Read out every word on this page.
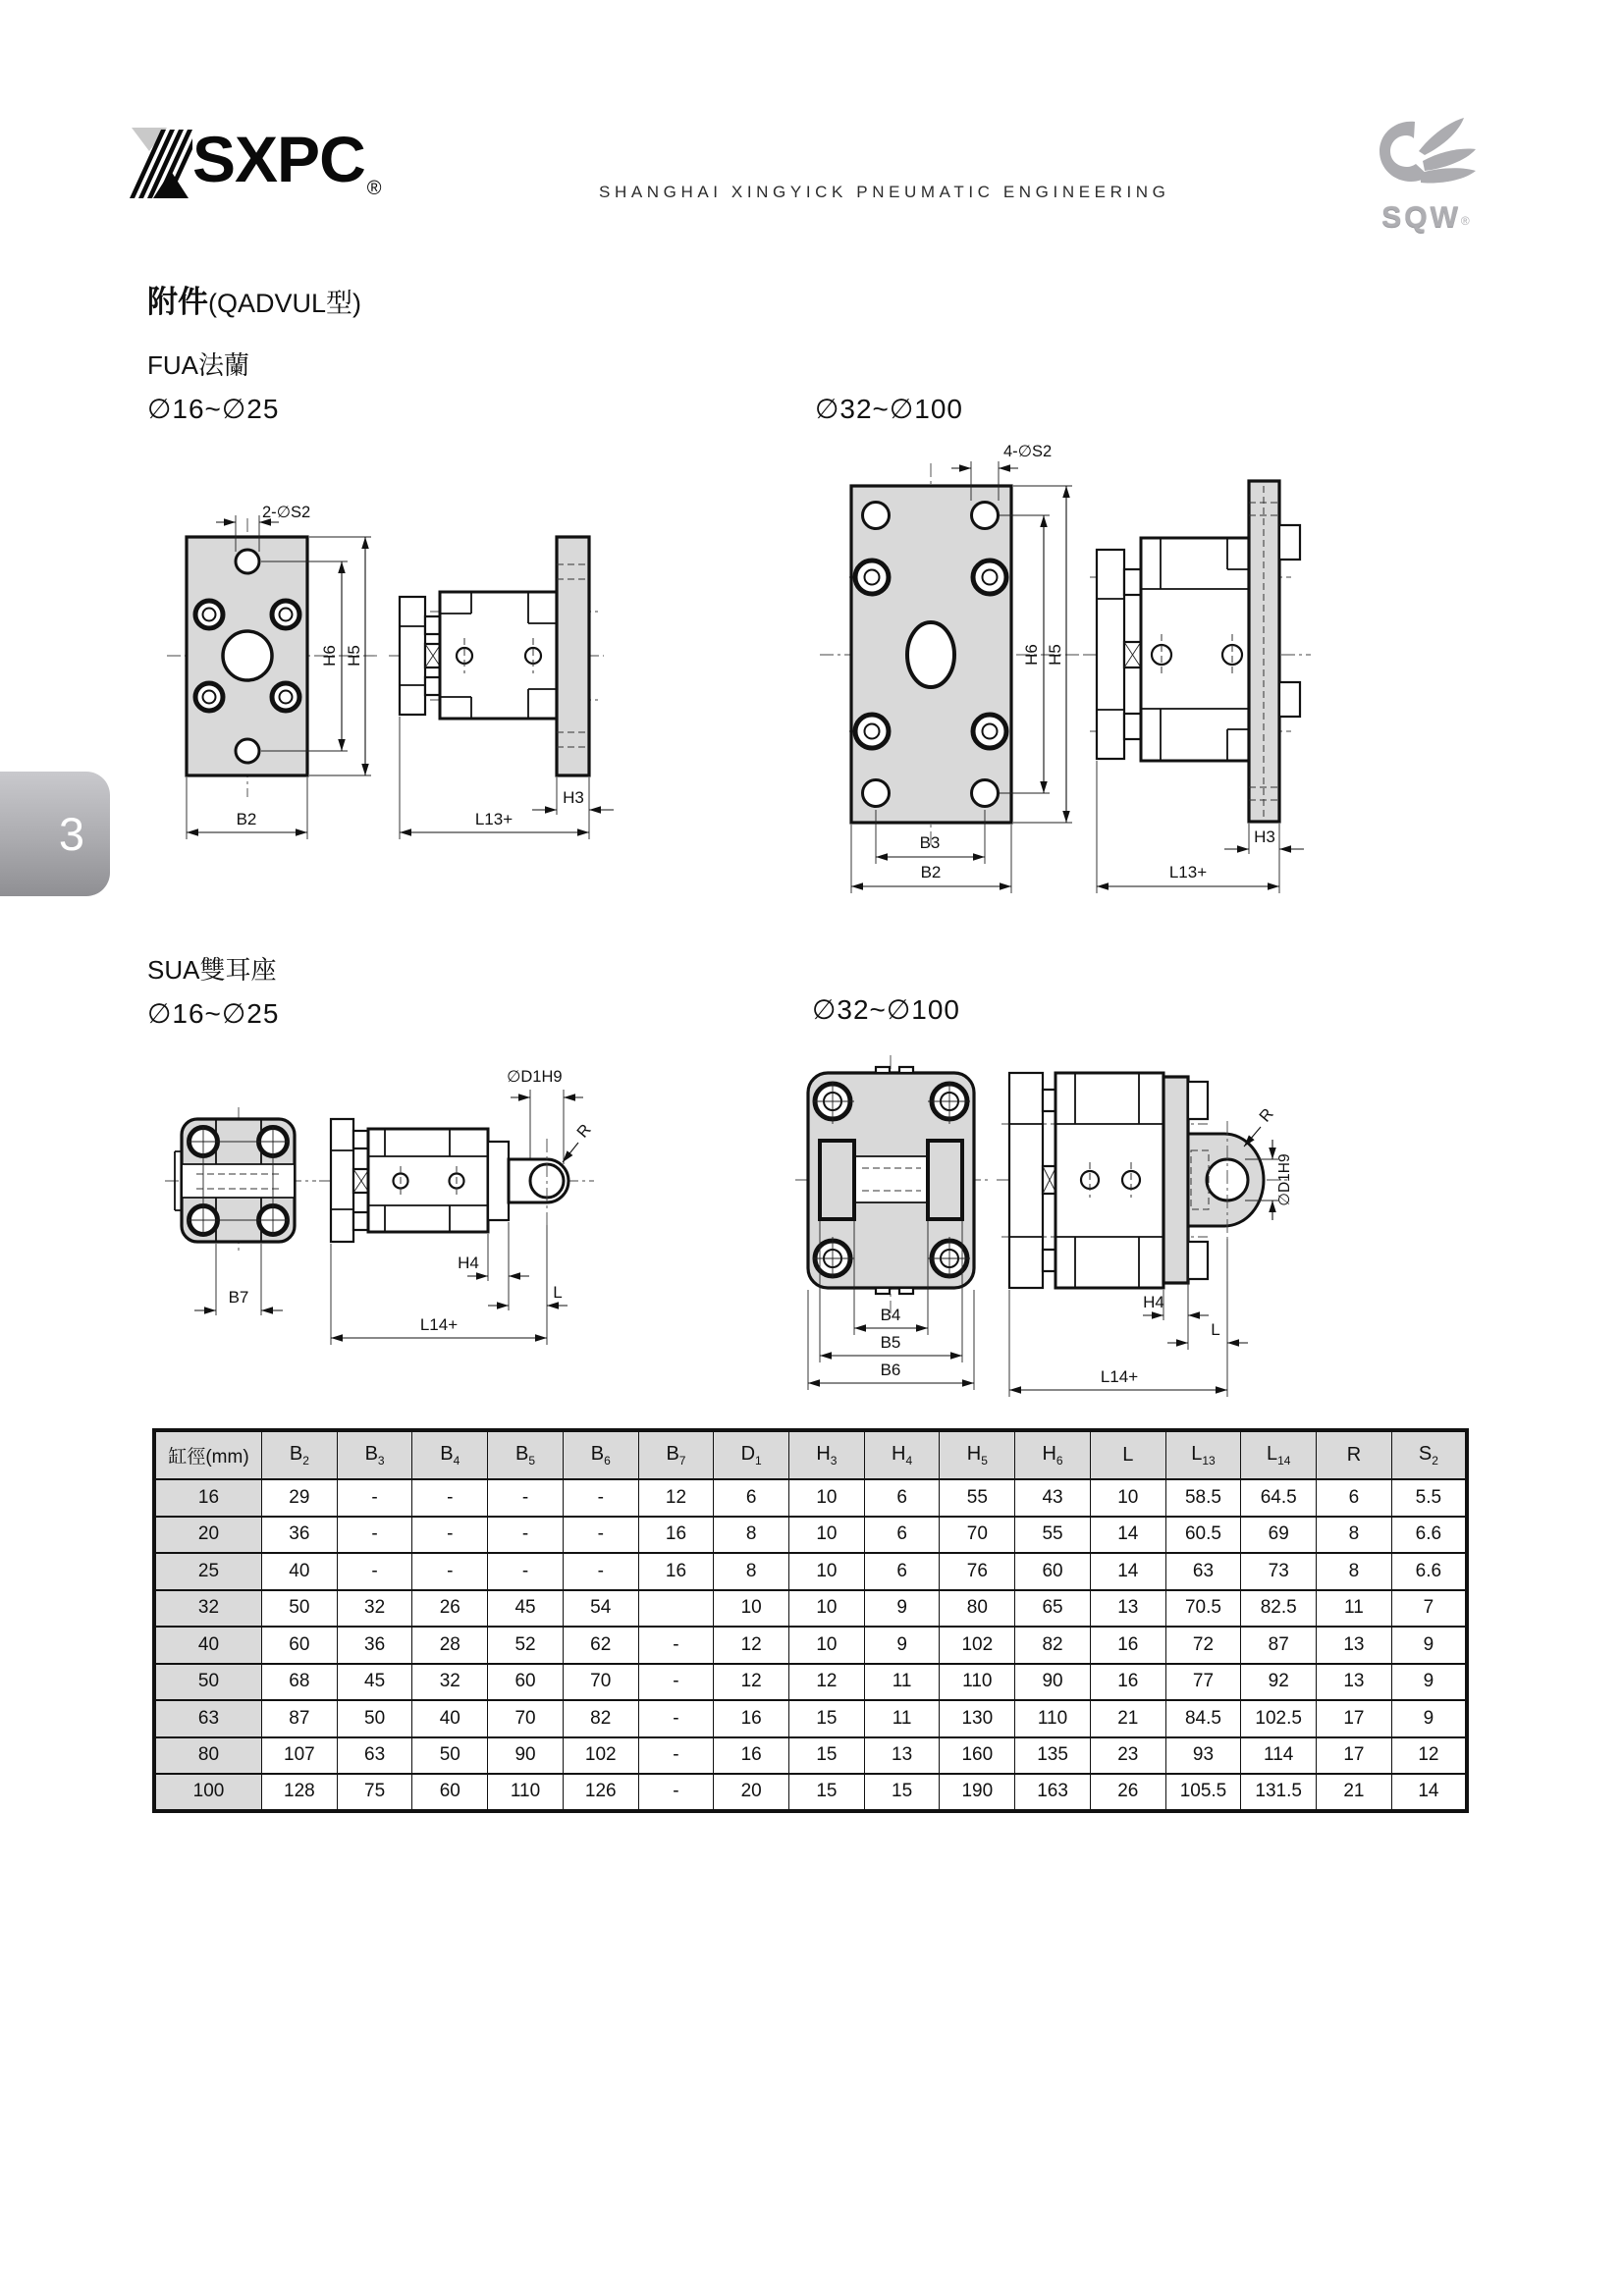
SXPC ®	SHANGHAI XINGYICK PNEUMATIC ENGINEERING
SQW®
3
附件(QADVUL型)
FUA法蘭
∅16~∅25	∅32~∅100
SUA雙耳座
∅16~∅25	∅32~∅100
2-∅S2
H6 H5
B2
H3
L13+
4-∅S2
H6 H5
B3
B2
H3
L13+
∅D1H9
R
H4
L
B7
L14+
B4
B5
B6
R
∅D1H9
H4
L
L14+
缸徑(mm)	$B_2$	$B_3$	$B_4$	$B_5$	$B_6$	$B_7$	$D_1$	$H_3$	$H_4$	$H_5$	$H_6$	L	$L_{13}$	$L_{14}$	R	$S_2$
16	29	-	-	-	-	12	6	10	6	55	43	10	58.5	64.5	6	5.5
20	36	-	-	-	-	16	8	10	6	70	55	14	60.5	69	8	6.6
25	40	-	-	-	-	16	8	10	6	76	60	14	63	73	8	6.6
32	50	32	26	45	54		10	10	9	80	65	13	70.5	82.5	11	7
40	60	36	28	52	62	-	12	10	9	102	82	16	72	87	13	9
50	68	45	32	60	70	-	12	12	11	110	90	16	77	92	13	9
63	87	50	40	70	82	-	16	15	11	130	110	21	84.5	102.5	17	9
80	107	63	50	90	102	-	16	15	13	160	135	23	93	114	17	12
100	128	75	60	110	126	-	20	15	15	190	163	26	105.5	131.5	21	14
